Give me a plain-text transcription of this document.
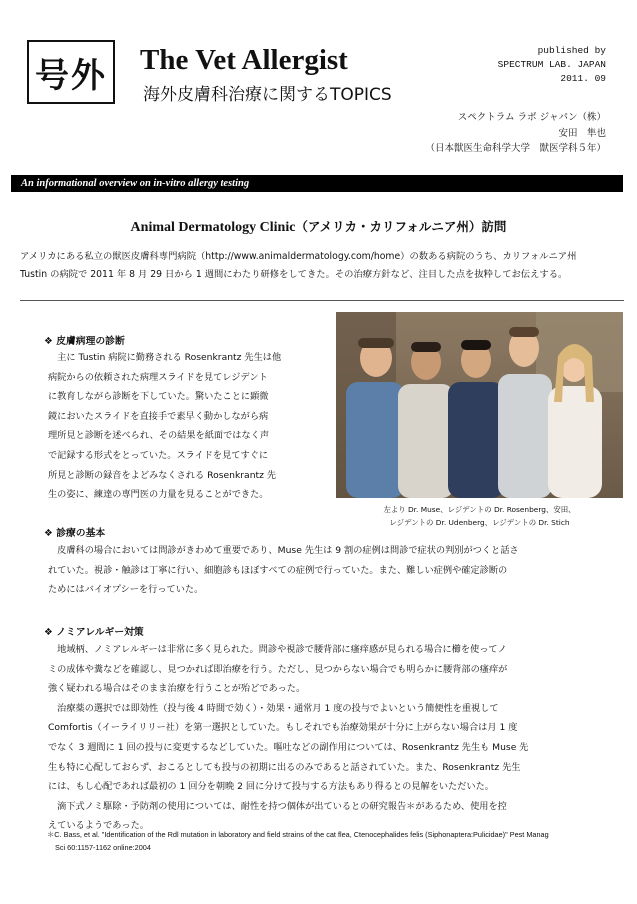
号外 The Vet Allergist
海外皮膚科治療に関するTOPICS
published by
SPECTRUM LAB. JAPAN
2011. 09
スペクトラム ラボ ジャパン（株）
安田　隼也
（日本獣医生命科学大学　獣医学科５年）
An informational overview on in-vitro allergy testing
Animal Dermatology Clinic（アメリカ・カリフォルニア州）訪問
アメリカにある私立の獣医皮膚科専門病院（http://www.animaldermatology.com/home）の数ある病院のうち、カリフォルニア州
Tustin の病院で 2011 年 8 月 29 日から 1 週間にわたり研修をしてきた。その治療方針など、注目した点を抜粋してお伝えする。
❖ 皮膚病理の診断
　主に Tustin 病院に勤務される Rosenkrantz 先生は他
病院からの依頼された病理スライドを見てレジデント
に教育しながら診断を下していた。驚いたことに顕微
鏡においたスライドを直接手で素早く動かしながら病
理所見と診断を述べられ、その結果を紙面ではなく声
で記録する形式をとっていた。スライドを見てすぐに
所見と診断の録音をよどみなくされる Rosenkrantz 先
生の姿に、練達の専門医の力量を見ることができた。
左より Dr. Muse、レジデントの Dr. Rosenberg、安田、
レジデントの Dr. Udenberg、レジデントの Dr. Stich
❖ 診療の基本
　皮膚科の場合においては問診がきわめて重要であり、Muse 先生は 9 割の症例は問診で症状の判別がつくと話さ
れていた。視診・触診は丁寧に行い、細胞診もほぼすべての症例で行っていた。また、難しい症例や確定診断の
ためにはバイオプシーを行っていた。
❖ ノミアレルギー対策
　地域柄、ノミアレルギーは非常に多く見られた。問診や視診で腰背部に瘙痒感が見られる場合に櫛を使ってノ
ミの成体や糞などを確認し、見つかれば即治療を行う。ただし、見つからない場合でも明らかに腰背部の瘙痒が
強く疑われる場合はそのまま治療を行うことが殆どであった。
　治療薬の選択では即効性（投与後 4 時間で効く）・効果・通常月 1 度の投与でよいという簡便性を重視して
Comfortis（イーライリリー社）を第一選択としていた。もしそれでも治療効果が十分に上がらない場合は月 1 度
でなく 3 週間に 1 回の投与に変更するなどしていた。嘔吐などの副作用については、Rosenkrantz 先生も Muse 先
生も特に心配しておらず、おこるとしても投与の初期に出るのみであると話されていた。また、Rosenkrantz 先生
には、もし心配であれば最初の 1 回分を朝晩 2 回に分けて投与する方法もあり得るとの見解をいただいた。
　滴下式ノミ駆除・予防剤の使用については、耐性を持つ個体が出ているとの研究報告＊があるため、使用を控
えているようであった。
＊C. Bass, et al. "Identification of the Rdl mutation in laboratory and field strains of the cat flea, Ctenocephalides felis (Siphonaptera:Pulicidae)" Pest Manag
Sci 60:1157-1162 online:2004
